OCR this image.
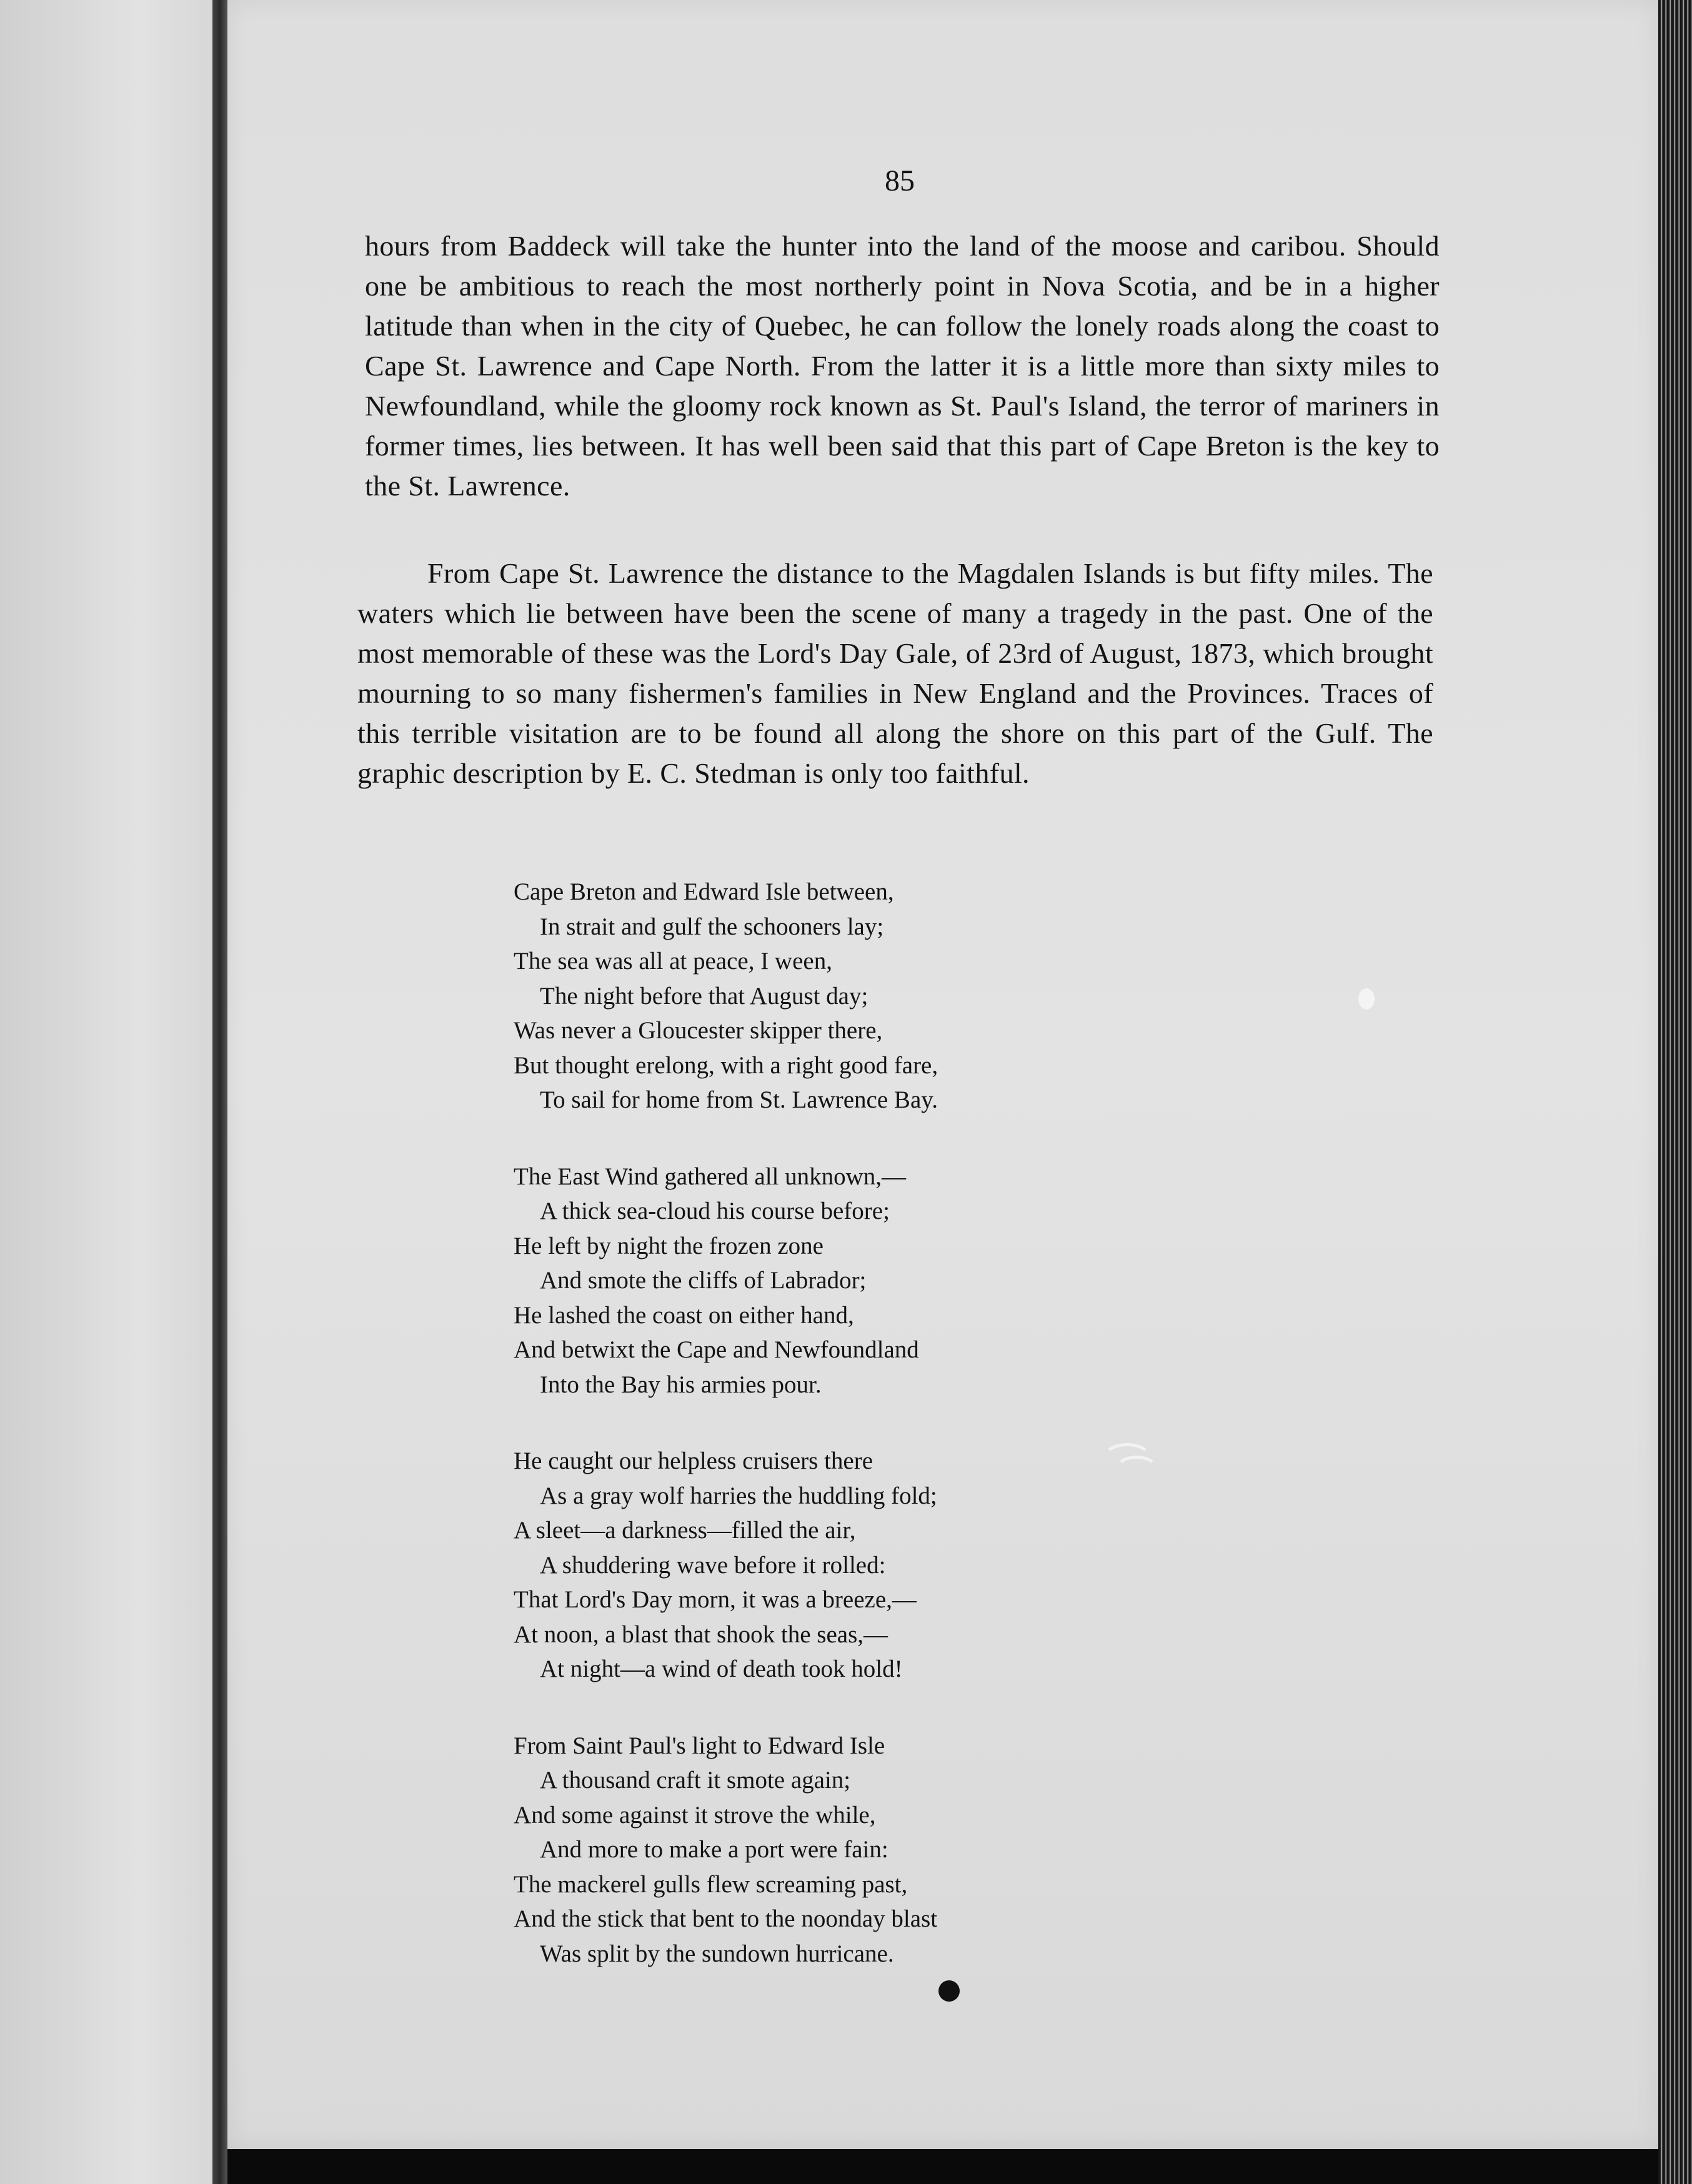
85

hours from Baddeck will take the hunter into the land of the moose and caribou. Should one be ambitious to reach the most northerly point in Nova Scotia, and be in a higher latitude than when in the city of Quebec, he can follow the lonely roads along the coast to Cape St. Lawrence and Cape North. From the latter it is a little more than sixty miles to Newfoundland, while the gloomy rock known as St. Paul's Island, the terror of mariners in former times, lies between. It has well been said that this part of Cape Breton is the key to the St. Lawrence.

From Cape St. Lawrence the distance to the Magdalen Islands is but fifty miles. The waters which lie between have been the scene of many a tragedy in the past. One of the most memorable of these was the Lord's Day Gale, of 23rd of August, 1873, which brought mourning to so many fishermen's families in New England and the Provinces. Traces of this terrible visitation are to be found all along the shore on this part of the Gulf. The graphic description by E. C. Stedman is only too faithful.

Cape Breton and Edward Isle between,
In strait and gulf the schooners lay;
The sea was all at peace, I ween,
The night before that August day;
Was never a Gloucester skipper there,
But thought erelong, with a right good fare,
To sail for home from St. Lawrence Bay.
The East Wind gathered all unknown,—
A thick sea-cloud his course before;
He left by night the frozen zone
And smote the cliffs of Labrador;
He lashed the coast on either hand,
And betwixt the Cape and Newfoundland
Into the Bay his armies pour.
He caught our helpless cruisers there
As a gray wolf harries the huddling fold;
A sleet—a darkness—filled the air,
A shuddering wave before it rolled:
That Lord's Day morn, it was a breeze,—
At noon, a blast that shook the seas,—
At night—a wind of death took hold!
From Saint Paul's light to Edward Isle
A thousand craft it smote again;
And some against it strove the while,
And more to make a port were fain:
The mackerel gulls flew screaming past,
And the stick that bent to the noonday blast
Was split by the sundown hurricane.
